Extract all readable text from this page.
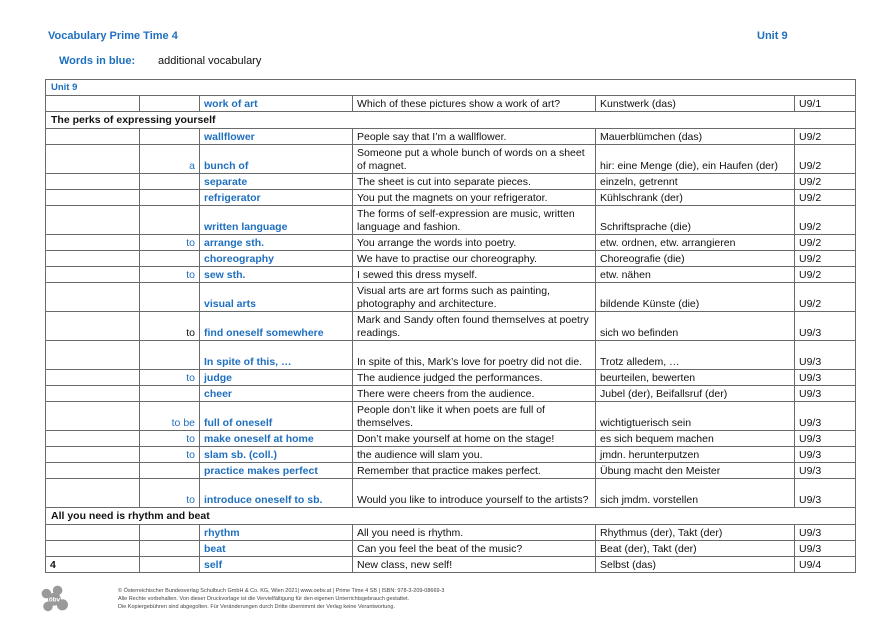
Vocabulary Prime Time 4	Unit 9
Words in blue: additional vocabulary
Unit 9					
		work of art	Which of these pictures show a work of art?	Kunstwerk (das)	U9/1
The perks of expressing yourself					
		wallflower	People say that I’m a wallflower.	Mauerblümchen (das)	U9/2
	a	bunch of	Someone put a whole bunch of words on a sheet of magnet.	hir: eine Menge (die), ein Haufen (der)	U9/2
		separate	The sheet is cut into separate pieces.	einzeln, getrennt	U9/2
		refrigerator	You put the magnets on your refrigerator.	Kühlschrank (der)	U9/2
		written language	The forms of self-expression are music, written language and fashion.	Schriftsprache (die)	U9/2
	to	arrange sth.	You arrange the words into poetry.	etw. ordnen, etw. arrangieren	U9/2
		choreography	We have to practise our choreography.	Choreografie (die)	U9/2
	to	sew sth.	I sewed this dress myself.	etw. nähen	U9/2
		visual arts	Visual arts are art forms such as painting, photography and architecture.	bildende Künste (die)	U9/2
	to	find oneself somewhere	Mark and Sandy often found themselves at poetry readings.	sich wo befinden	U9/3
		In spite of this, …	In spite of this, Mark’s love for poetry did not die.	Trotz alledem, …	U9/3
	to	judge	The audience judged the performances.	beurteilen, bewerten	U9/3
		cheer	There were cheers from the audience.	Jubel (der), Beifallsruf (der)	U9/3
	to be	full of oneself	People don’t like it when poets are full of themselves.	wichtigtuerisch sein	U9/3
	to	make oneself at home	Don’t make yourself at home on the stage!	es sich bequem machen	U9/3
	to	slam sb. (coll.)	the audience will slam you.	jmdn. herunterputzen	U9/3
		practice makes perfect	Remember that practice makes perfect.	Übung macht den Meister	U9/3
	to	introduce oneself to sb.	Would you like to introduce yourself to the artists?	sich jmdm. vorstellen	U9/3
All you need is rhythm and beat					
		rhythm	All you need is rhythm.	Rhythmus (der), Takt (der)	U9/3
		beat	Can you feel the beat of the music?	Beat (der), Takt (der)	U9/3
4		self	New class, new self!	Selbst (das)	U9/4
öbv
© Österreichischer Bundesverlag Schulbuch GmbH & Co. KG, Wien 2021| www.oebv.at | Prime Time 4 SB | ISBN: 978-3-209-08669-3
Alle Rechte vorbehalten. Von dieser Druckvorlage ist die Vervielfältigung für den eigenen Unterrichtsgebrauch gestattet.
Die Kopiergebühren sind abgegolten. Für Veränderungen durch Dritte übernimmt der Verlag keine Verantwortung.
